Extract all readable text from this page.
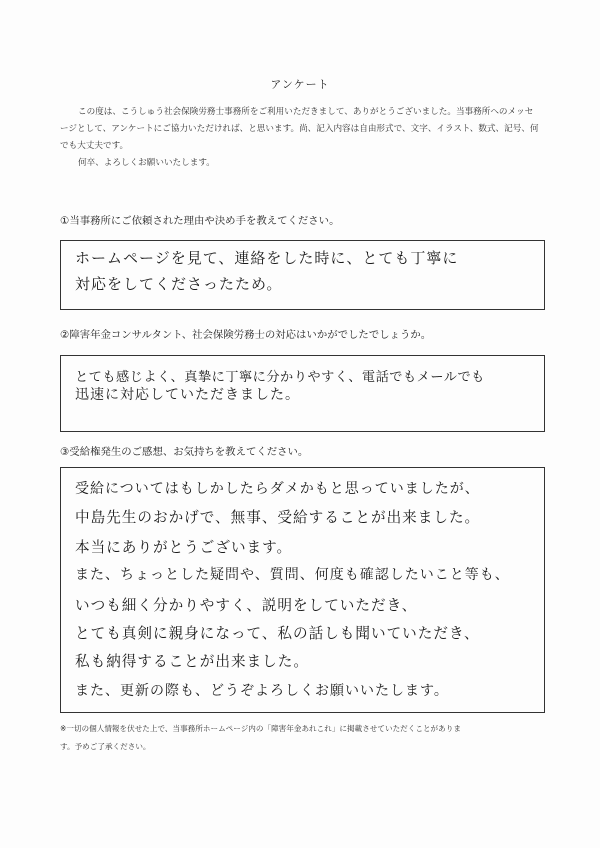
アンケート

この度は、こうしゅう社会保険労務士事務所をご利用いただきまして、ありがとうございました。当事務所へのメッセージとして、アンケートにご協力いただければ、と思います。尚、記入内容は自由形式で、文字、イラスト、数式、記号、何でも大丈夫です。

何卒、よろしくお願いいたします。

①当事務所にご依頼された理由や決め手を教えてください。
ホームページを見て、連絡をした時に、とても丁寧に
対応をしてくださったため。
②障害年金コンサルタント、社会保険労務士の対応はいかがでしたでしょうか。
とても感じよく、真摯に丁寧に分かりやすく、電話でもメールでも
迅速に対応していただきました。
③受給権発生のご感想、お気持ちを教えてください。
受給についてはもしかしたらダメかもと思っていましたが、
中島先生のおかげで、無事、受給することが出来ました。
本当にありがとうございます。
また、ちょっとした疑問や、質問、何度も確認したいこと等も、
いつも細く分かりやすく、説明をしていただき、
とても真剣に親身になって、私の話しも聞いていただき、
私も納得することが出来ました。
また、更新の際も、どうぞよろしくお願いいたします。

※一切の個人情報を伏せた上で、当事務所ホームページ内の「障害年金あれこれ」に掲載させていただくことがありま

す。予めご了承ください。
